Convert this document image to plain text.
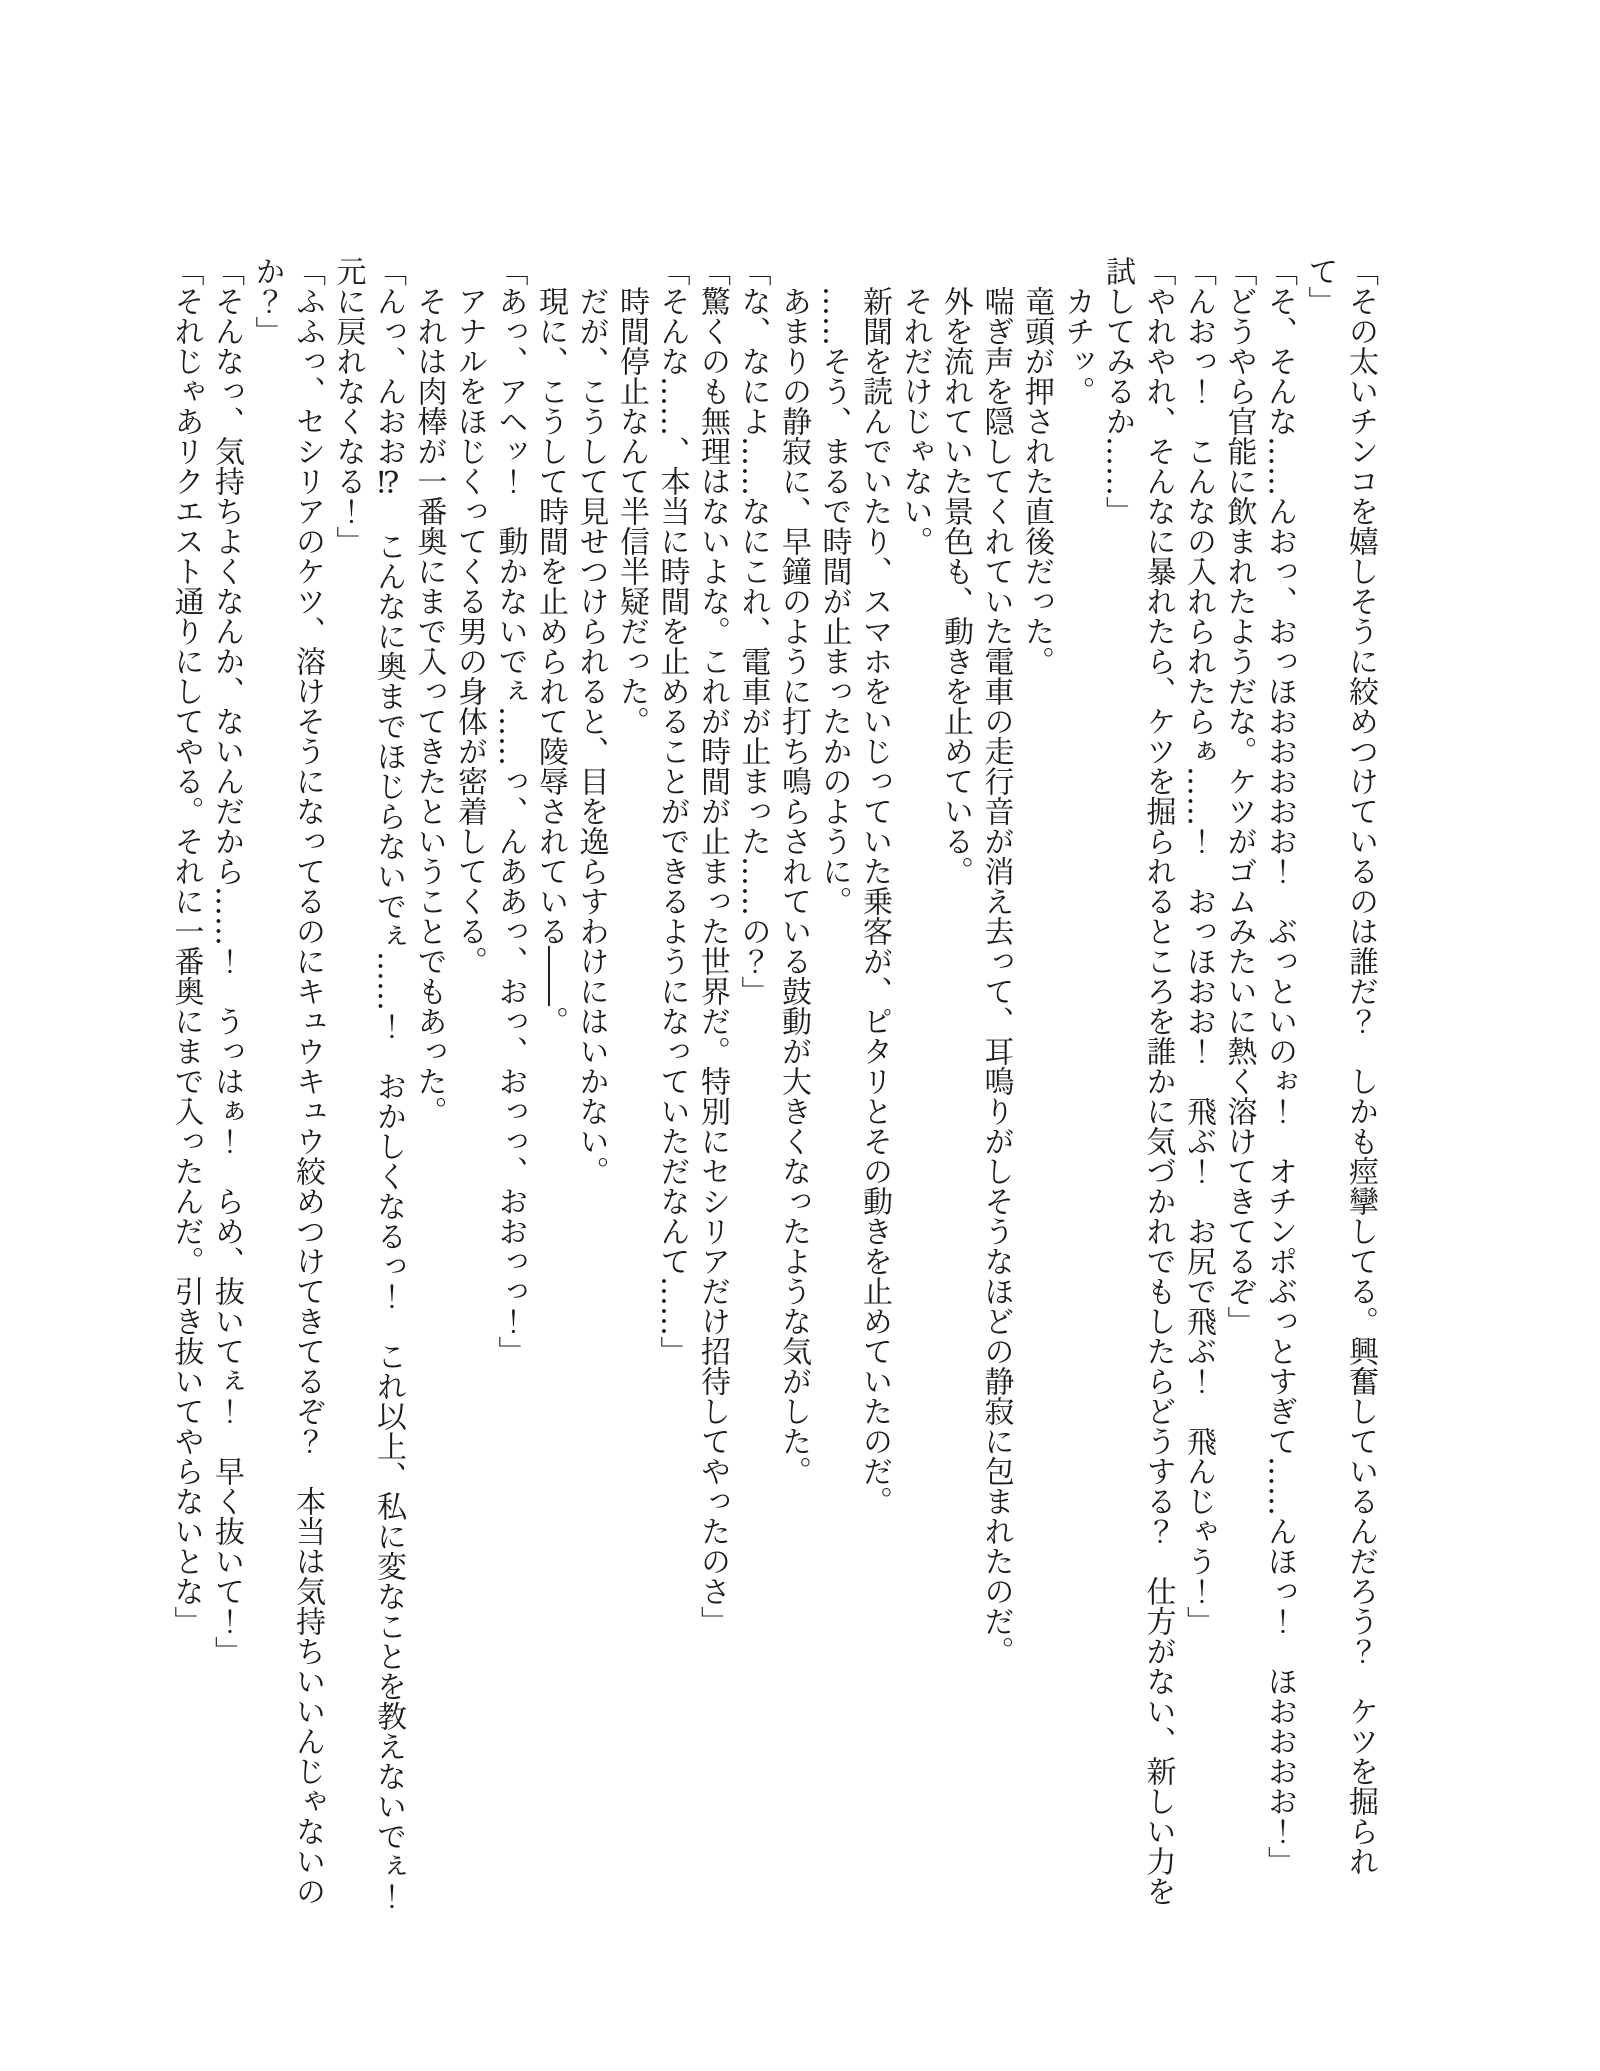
「その太いチンコを嬉しそうに絞めつけているのは誰だ？　しかも痙攣してる。興奮しているんだろう？　ケツを掘られて」

「そ、そんな……んおっ、おっほおおおおお！　ぶっといのぉ！　オチンポぶっとすぎて……んほっ！　ほおおおお！」

「どうやら官能に飲まれたようだな。ケツがゴムみたいに熱く溶けてきてるぞ」

「んおっ！　こんなの入れられたらぁ……！　おっほおお！　飛ぶ！　お尻で飛ぶ！　飛んじゃう！」

「やれやれ、そんなに暴れたら、ケツを掘られるところを誰かに気づかれでもしたらどうする？　仕方がない、新しい力を試してみるか……」

　カチッ。

　竜頭が押された直後だった。

　喘ぎ声を隠してくれていた電車の走行音が消え去って、耳鳴りがしそうなほどの静寂に包まれたのだ。

　外を流れていた景色も、動きを止めている。

　それだけじゃない。

　新聞を読んでいたり、スマホをいじっていた乗客が、ピタリとその動きを止めていたのだ。

　……そう、まるで時間が止まったかのように。

　あまりの静寂に、早鐘のように打ち鳴らされている鼓動が大きくなったような気がした。

「な、なによ……なにこれ、電車が止まった……の？」

「驚くのも無理はないよな。これが時間が止まった世界だ。特別にセシリアだけ招待してやったのさ」

「そんな……、本当に時間を止めることができるようになっていただなんて……」

　時間停止なんて半信半疑だった。

　だが、こうして見せつけられると、目を逸らすわけにはいかない。

　現に、こうして時間を止められて陵辱されている――。

「あっ、アヘッ！　動かないでぇ……っ、んああっ、おっ、おっっ、おおっっ！」

　アナルをほじくってくる男の身体が密着してくる。

　それは肉棒が一番奥にまで入ってきたということでもあった。

「んっ、んおお⁉　こんなに奥までほじらないでぇ……！　おかしくなるっ！　これ以上、私に変なことを教えないでぇ！元に戻れなくなる！」

「ふふっ、セシリアのケツ、溶けそうになってるのにキュウキュウ絞めつけてきてるぞ？　本当は気持ちいいんじゃないのか？」

「そんなっ、気持ちよくなんか、ないんだから……！　うっはぁ！　らめ、抜いてぇ！　早く抜いて！」

「それじゃあリクエスト通りにしてやる。それに一番奥にまで入ったんだ。引き抜いてやらないとな」
